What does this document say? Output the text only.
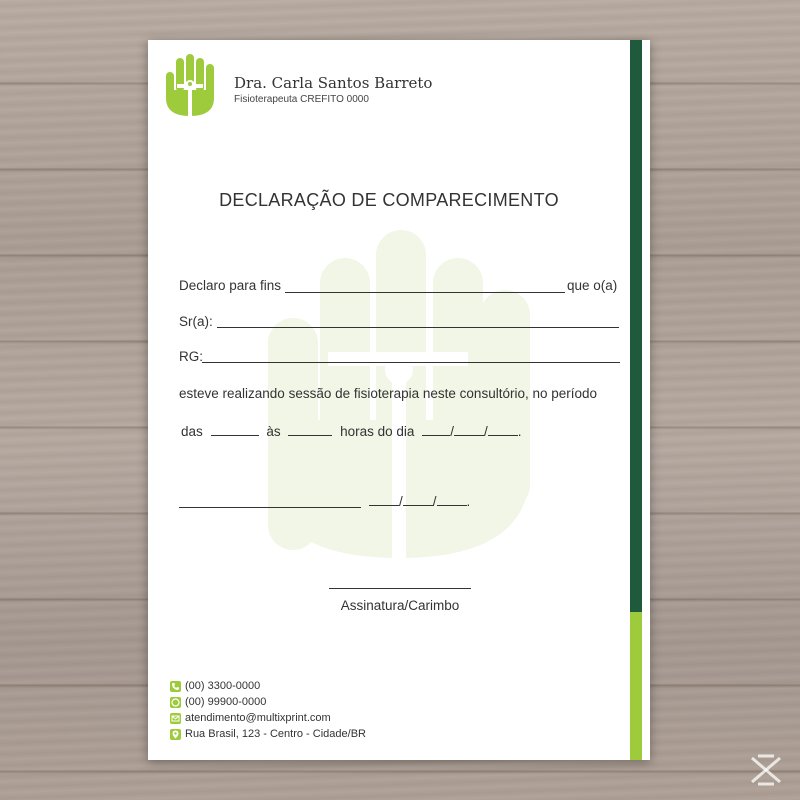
Dra. Carla Santos Barreto
Fisioterapeuta CREFITO 0000
DECLARAÇÃO DE COMPARECIMENTO
Declaro para fins	que o(a)
Sr(a):
RG:
esteve realizando sessão de fisioterapia neste consultório, no período
das	às	horas do dia	/ / .
/ / .
Assinatura/Carimbo
(00) 3300-0000
(00) 99900-0000
atendimento@multixprint.com
Rua Brasil, 123 - Centro - Cidade/BR
